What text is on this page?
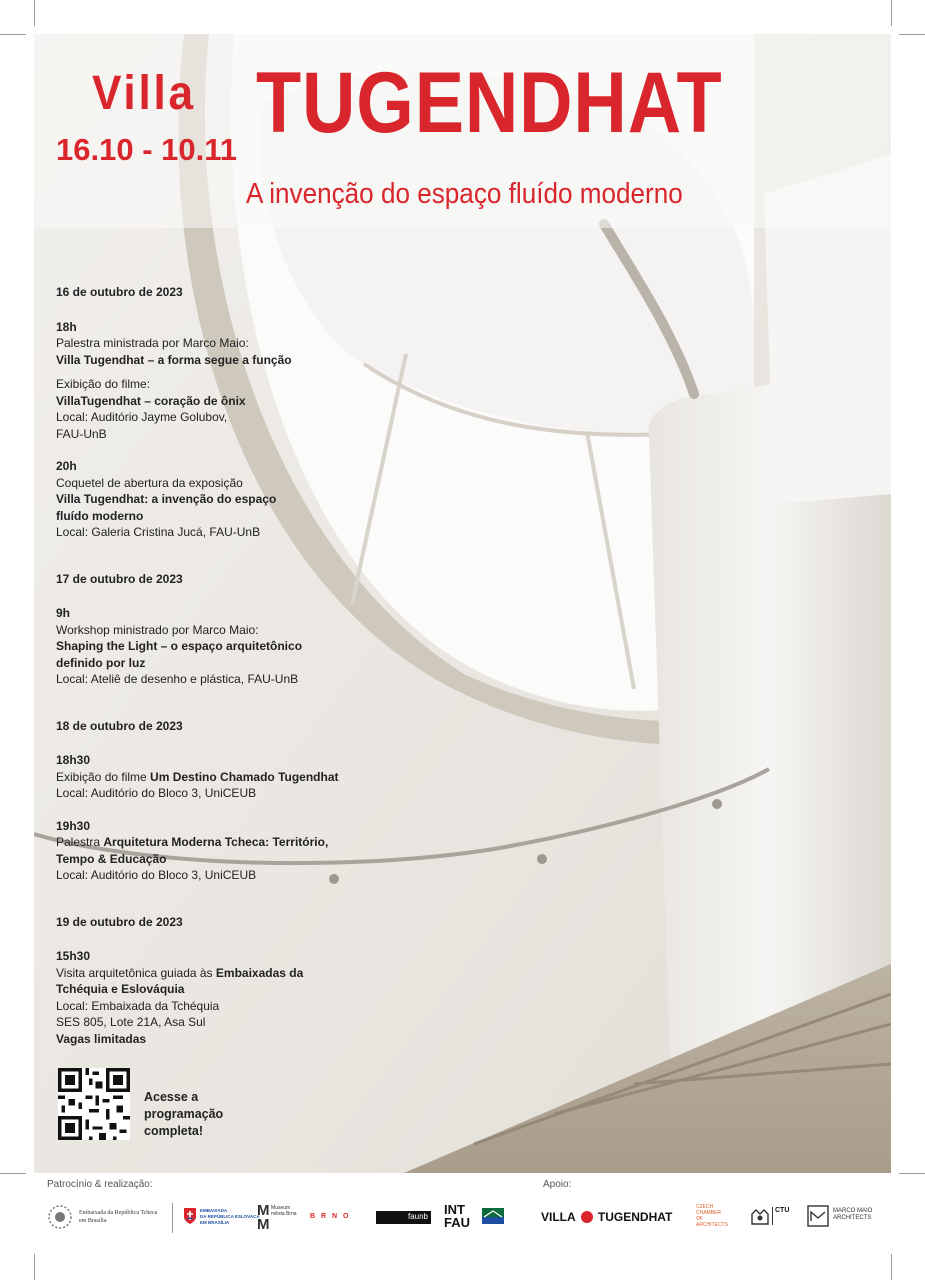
Villa
16.10 - 10.11 TUGENDHAT
A invenção do espaço fluído moderno
16 de outubro de 2023
18h
Palestra ministrada por Marco Maio:
Villa Tugendhat – a forma segue a função
Exibição do filme:
VillaTugendhat – coração de ônix
Local: Auditório Jayme Golubov,
FAU-UnB
20h
Coquetel de abertura da exposição
Villa Tugendhat: a invenção do espaço
fluído moderno
Local: Galeria Cristina Jucá, FAU-UnB
17 de outubro de 2023
9h
Workshop ministrado por Marco Maio:
Shaping the Light – o espaço arquitetônico
definido por luz
Local: Ateliê de desenho e plástica, FAU-UnB
18 de outubro de 2023
18h30
Exibição do filme Um Destino Chamado Tugendhat
Local: Auditório do Bloco 3, UniCEUB
19h30
Palestra Arquitetura Moderna Tcheca: Território,
Tempo & Educação
Local: Auditório do Bloco 3, UniCEUB
19 de outubro de 2023
15h30
Visita arquitetônica guiada às Embaixadas da
Tchéquia e Eslováquia
Local: Embaixada da Tchéquia
SES 805, Lote 21A, Asa Sul
Vagas limitadas
Acesse a
programação
completa!
Patrocínio & realização:	Apoio:
Embaixada da República Tcheca
em Brasília
EMBAIXADA
DA REPÚBLICA ESLOVACA
EM BRASÍLIA
M
M
Museum
města Brna B R N O	faunb INT
FAU	VILLA TUGENDHAT
CZECH
CHAMBER
OF
ARCHITECTS
CTU	MARCO MAIO
ARCHITECTS
